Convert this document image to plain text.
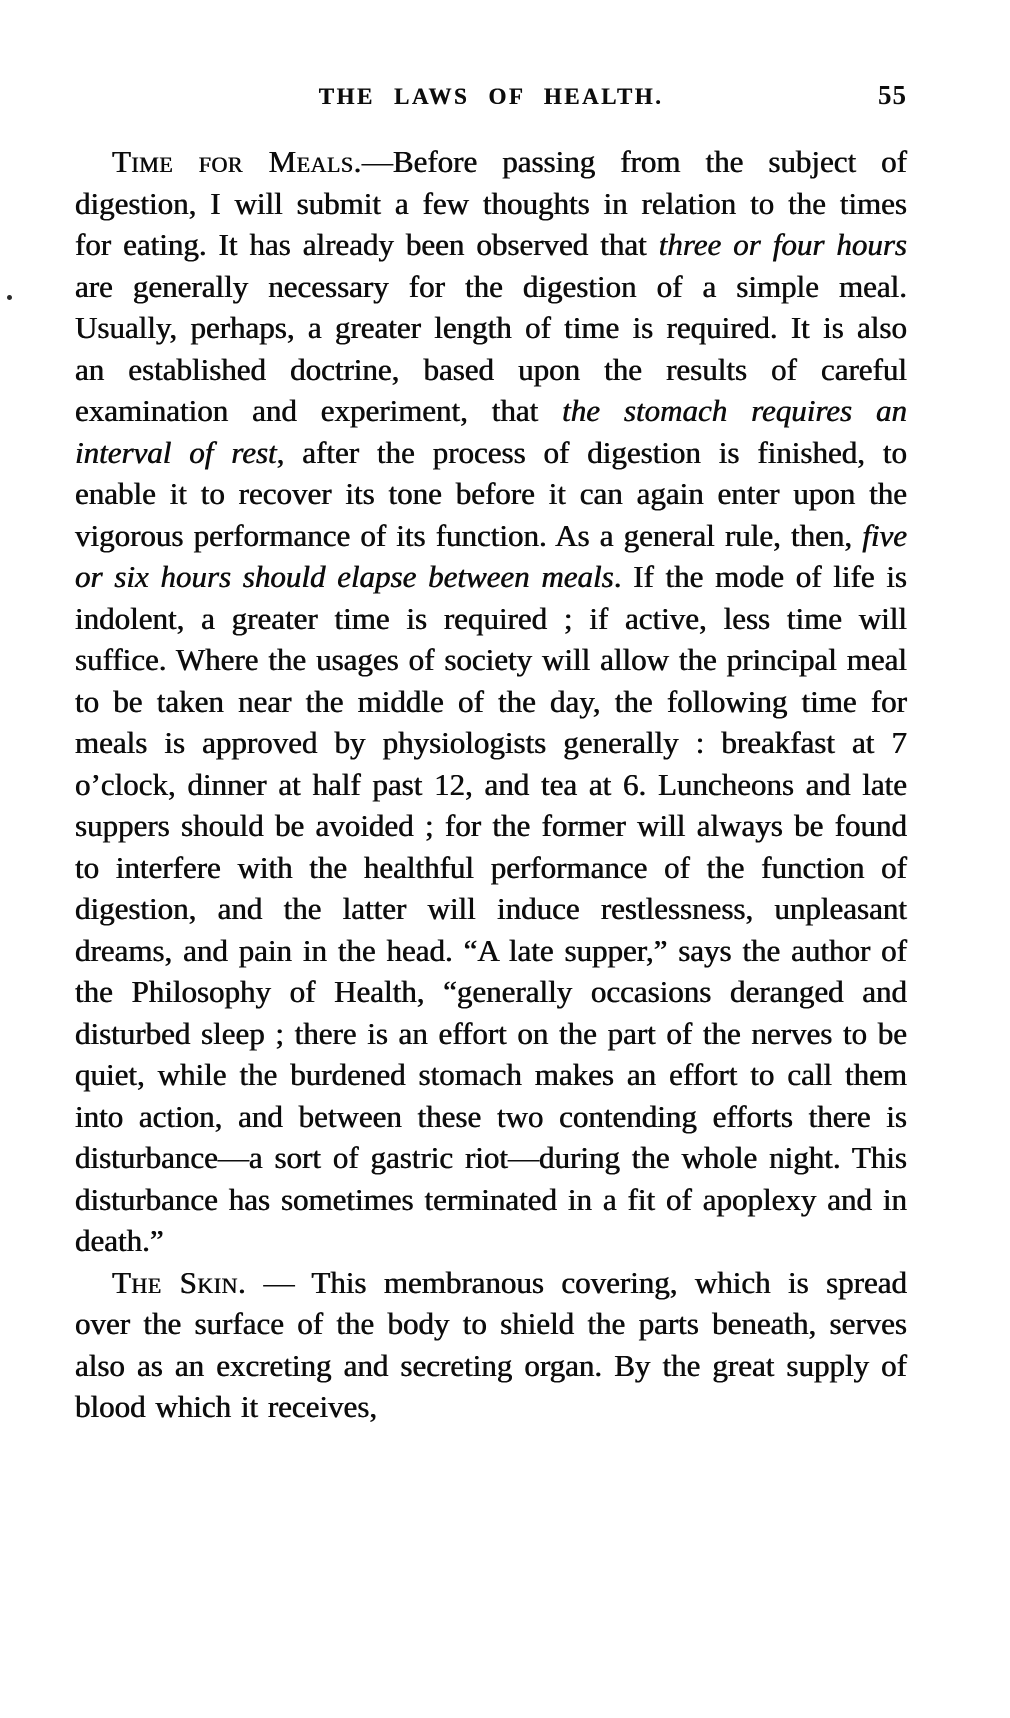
THE LAWS OF HEALTH.	55

Time for Meals.—Before passing from the subject of digestion, I will submit a few thoughts in relation to the times for eating. It has already been observed that three or four hours are generally necessary for the digestion of a simple meal. Usually, perhaps, a greater length of time is required. It is also an established doctrine, based upon the results of careful examination and experiment, that the stomach requires an interval of rest, after the process of digestion is finished, to enable it to recover its tone before it can again enter upon the vigorous performance of its function. As a general rule, then, five or six hours should elapse between meals. If the mode of life is indolent, a greater time is required ; if active, less time will suffice. Where the usages of society will allow the principal meal to be taken near the middle of the day, the following time for meals is approved by physiologists generally : breakfast at 7 o’clock, dinner at half past 12, and tea at 6. Luncheons and late suppers should be avoided ; for the former will always be found to interfere with the healthful performance of the function of digestion, and the latter will induce restlessness, unpleasant dreams, and pain in the head. “A late supper,” says the author of the Philosophy of Health, “generally occasions deranged and disturbed sleep ; there is an effort on the part of the nerves to be quiet, while the burdened stomach makes an effort to call them into action, and between these two contending efforts there is disturbance—a sort of gastric riot—during the whole night. This disturbance has sometimes terminated in a fit of apoplexy and in death.”

The Skin. — This membranous covering, which is spread over the surface of the body to shield the parts beneath, serves also as an excreting and secreting organ. By the great supply of blood which it receives,
